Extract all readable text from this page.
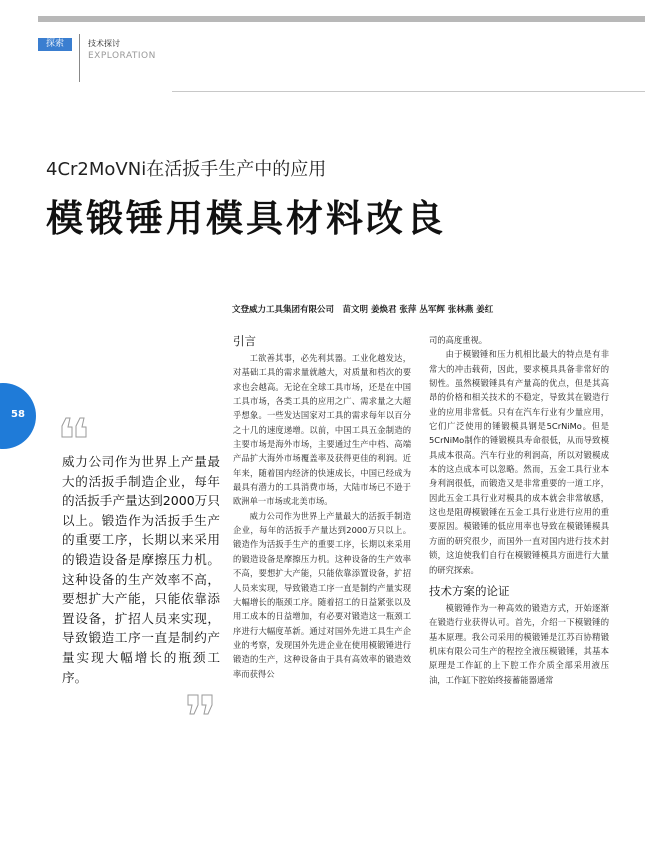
探索	技术探讨
EXPLORATION
4Cr2MoVNi在活扳手生产中的应用
模锻锤用模具材料改良
文登威力工具集团有限公司　苗文明 姜焕君 张萍 丛军辉 张林燕 姜红
58
威力公司作为世界上产量最大的活扳手制造企业，每年的活扳手产量达到2000万只以上。锻造作为活扳手生产的重要工序，长期以来采用的锻造设备是摩擦压力机。这种设备的生产效率不高，要想扩大产能，只能依靠添置设备，扩招人员来实现，导致锻造工序一直是制约产量实现大幅增长的瓶颈工序。
引言

工欲善其事，必先利其器。工业化越发达，对基础工具的需求量就越大，对质量和档次的要求也会越高。无论在全球工具市场，还是在中国工具市场，各类工具的应用之广、需求量之大超乎想象。一些发达国家对工具的需求每年以百分之十几的速度递增。以前，中国工具五金制造的主要市场是海外市场，主要通过生产中档、高端产品扩大海外市场覆盖率及获得更佳的利润。近年来，随着国内经济的快速成长，中国已经成为最具有潜力的工具消费市场，大陆市场已不逊于欧洲单一市场或北美市场。

威力公司作为世界上产量最大的活扳手制造企业，每年的活扳手产量达到2000万只以上。锻造作为活扳手生产的重要工序，长期以来采用的锻造设备是摩擦压力机。这种设备的生产效率不高，要想扩大产能，只能依靠添置设备，扩招人员来实现，导致锻造工序一直是制约产量实现大幅增长的瓶颈工序。随着招工的日益紧张以及用工成本的日益增加，有必要对锻造这一瓶颈工序进行大幅度革新。通过对国外先进工具生产企业的考察，发现国外先进企业在使用模锻锤进行锻造的生产，这种设备由于具有高效率的锻造效率而获得公

司的高度重视。

由于模锻锤和压力机相比最大的特点是有非常大的冲击载荷，因此，要求模具具备非常好的韧性。虽然模锻锤具有产量高的优点，但是其高昂的价格和相关技术的不稳定，导致其在锻造行业的应用非常低。只有在汽车行业有少量应用，它们广泛使用的锤锻模具钢是5CrNiMo。但是5CrNiMo制作的锤锻模具寿命很低，从而导致模具成本很高。汽车行业的利润高，所以对锻模成本的这点成本可以忽略。然而，五金工具行业本身利润很低，而锻造又是非常重要的一道工序，因此五金工具行业对模具的成本就会非常敏感，这也是阻碍模锻锤在五金工具行业进行应用的重要原因。模锻锤的低应用率也导致在模锻锤模具方面的研究很少，而国外一直对国内进行技术封锁，这迫使我们自行在模锻锤模具方面进行大量的研究探索。

技术方案的论证

模锻锤作为一种高效的锻造方式，开始逐渐在锻造行业获得认可。首先，介绍一下模锻锤的基本原理。我公司采用的模锻锤是江苏百协精锻机床有限公司生产的程控全液压模锻锤，其基本原理是工作缸的上下腔工作介质全部采用液压油，工作缸下腔始终接蓄能器通常
